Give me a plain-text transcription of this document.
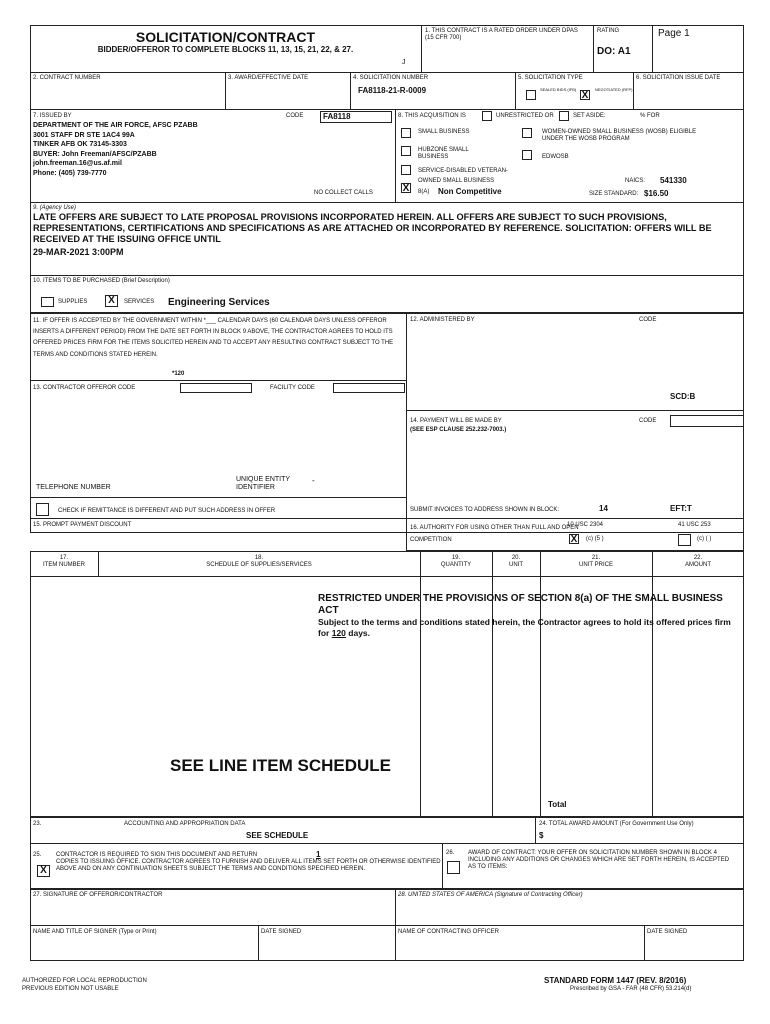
SOLICITATION/CONTRACT
BIDDER/OFFEROR TO COMPLETE BLOCKS 11, 13, 15, 21, 22, & 27.
J
1. THIS CONTRACT IS A RATED ORDER UNDER DPAS (15 CFR 700)
RATING
DO: A1
Page 1
2. CONTRACT NUMBER	3. AWARD/EFFECTIVE DATE	4. SOLICITATION NUMBER
FA8118-21-R-0009
5. SOLICITATION TYPE
SEALED BIDS (IFB)
X
NEGOTIATED (RFP)
6. SOLICITATION ISSUE DATE
7. ISSUED BY	CODE	FA8118
DEPARTMENT OF THE AIR FORCE, AFSC PZABB
3001 STAFF DR STE 1AC4 99A
TINKER AFB OK 73145-3303
BUYER: John Freeman/AFSC/PZABB
john.freeman.16@us.af.mil
Phone: (405) 739-7770
NO COLLECT CALLS
8. THIS ACQUISITION IS	UNRESTRICTED OR	SET ASIDE:	% FOR
SMALL BUSINESS	WOMEN-OWNED SMALL BUSINESS (WOSB) ELIGIBLE UNDER THE WOSB PROGRAM
HUBZONE SMALL BUSINESS	EDWOSB
SERVICE-DISABLED VETERAN-OWNED SMALL BUSINESS
X 8(A) Non Competitive
NAICS: 541330
SIZE STANDARD: $16.50
9. (Agency Use)
LATE OFFERS ARE SUBJECT TO LATE PROPOSAL PROVISIONS INCORPORATED HEREIN. ALL OFFERS ARE SUBJECT TO SUCH PROVISIONS, REPRESENTATIONS, CERTIFICATIONS AND SPECIFICATIONS AS ARE ATTACHED OR INCORPORATED BY REFERENCE. SOLICITATION: OFFERS WILL BE RECEIVED AT THE ISSUING OFFICE UNTIL
29-MAR-2021 3:00PM
10. ITEMS TO BE PURCHASED (Brief Description)
SUPPLIES	X	SERVICES Engineering Services
11. IF OFFER IS ACCEPTED BY THE GOVERNMENT WITHIN *___ CALENDAR DAYS (60 CALENDAR DAYS UNLESS OFFEROR INSERTS A DIFFERENT PERIOD) FROM THE DATE SET FORTH IN BLOCK 9 ABOVE, THE CONTRACTOR AGREES TO HOLD ITS OFFERED PRICES FIRM FOR THE ITEMS SOLICITED HEREIN AND TO ACCEPT ANY RESULTING CONTRACT SUBJECT TO THE TERMS AND CONDITIONS STATED HEREIN.
*120
13. CONTRACTOR OFFEROR CODE	FACILITY CODE
TELEPHONE NUMBER
UNIQUE ENTITY IDENTIFIER
-
CHECK IF REMITTANCE IS DIFFERENT AND PUT SUCH ADDRESS IN OFFER
12. ADMINISTERED BY	CODE
SCD:B
14. PAYMENT WILL BE MADE BY	CODE
(SEE ESP CLAUSE 252.232-7003.)
SUBMIT INVOICES TO ADDRESS SHOWN IN BLOCK:	14	EFT:T
15. PROMPT PAYMENT DISCOUNT	16. AUTHORITY FOR USING OTHER THAN FULL AND OPEN COMPETITION
10 USC 2304
X (c) (5 )
41 USC 253
(c) ( )
17.
ITEM NUMBER
18.
SCHEDULE OF SUPPLIES/SERVICES
19.
QUANTITY
20.
UNIT
21.
UNIT PRICE
22.
AMOUNT
RESTRICTED UNDER THE PROVISIONS OF SECTION 8(a) OF THE SMALL BUSINESS ACT
Subject to the terms and conditions stated herein, the Contractor agrees to hold its offered prices firm for 120 days.
SEE LINE ITEM SCHEDULE
Total
23.	ACCOUNTING AND APPROPRIATION DATA
SEE SCHEDULE
24. TOTAL AWARD AMOUNT (For Government Use Only)
$
25. CONTRACTOR IS REQUIRED TO SIGN THIS DOCUMENT AND RETURN	1
X
COPIES TO ISSUING OFFICE. CONTRACTOR AGREES TO FURNISH AND DELIVER ALL ITEMS SET FORTH OR OTHERWISE IDENTIFIED ABOVE AND ON ANY CONTINUATION SHEETS SUBJECT THE TERMS AND CONDITIONS SPECIFIED HEREIN.
26. AWARD OF CONTRACT: YOUR OFFER ON SOLICITATION NUMBER SHOWN IN BLOCK 4 INCLUDING ANY ADDITIONS OR CHANGES WHICH ARE SET FORTH HEREIN, IS ACCEPTED AS TO ITEMS:
27. SIGNATURE OF OFFEROR/CONTRACTOR	28. UNITED STATES OF AMERICA (Signature of Contracting Officer)
NAME AND TITLE OF SIGNER (Type or Print)	DATE SIGNED	NAME OF CONTRACTING OFFICER	DATE SIGNED
AUTHORIZED FOR LOCAL REPRODUCTION
PREVIOUS EDITION NOT USABLE
STANDARD FORM 1447 (REV. 8/2016)
Prescribed by GSA - FAR (48 CFR) 53.214(d)
